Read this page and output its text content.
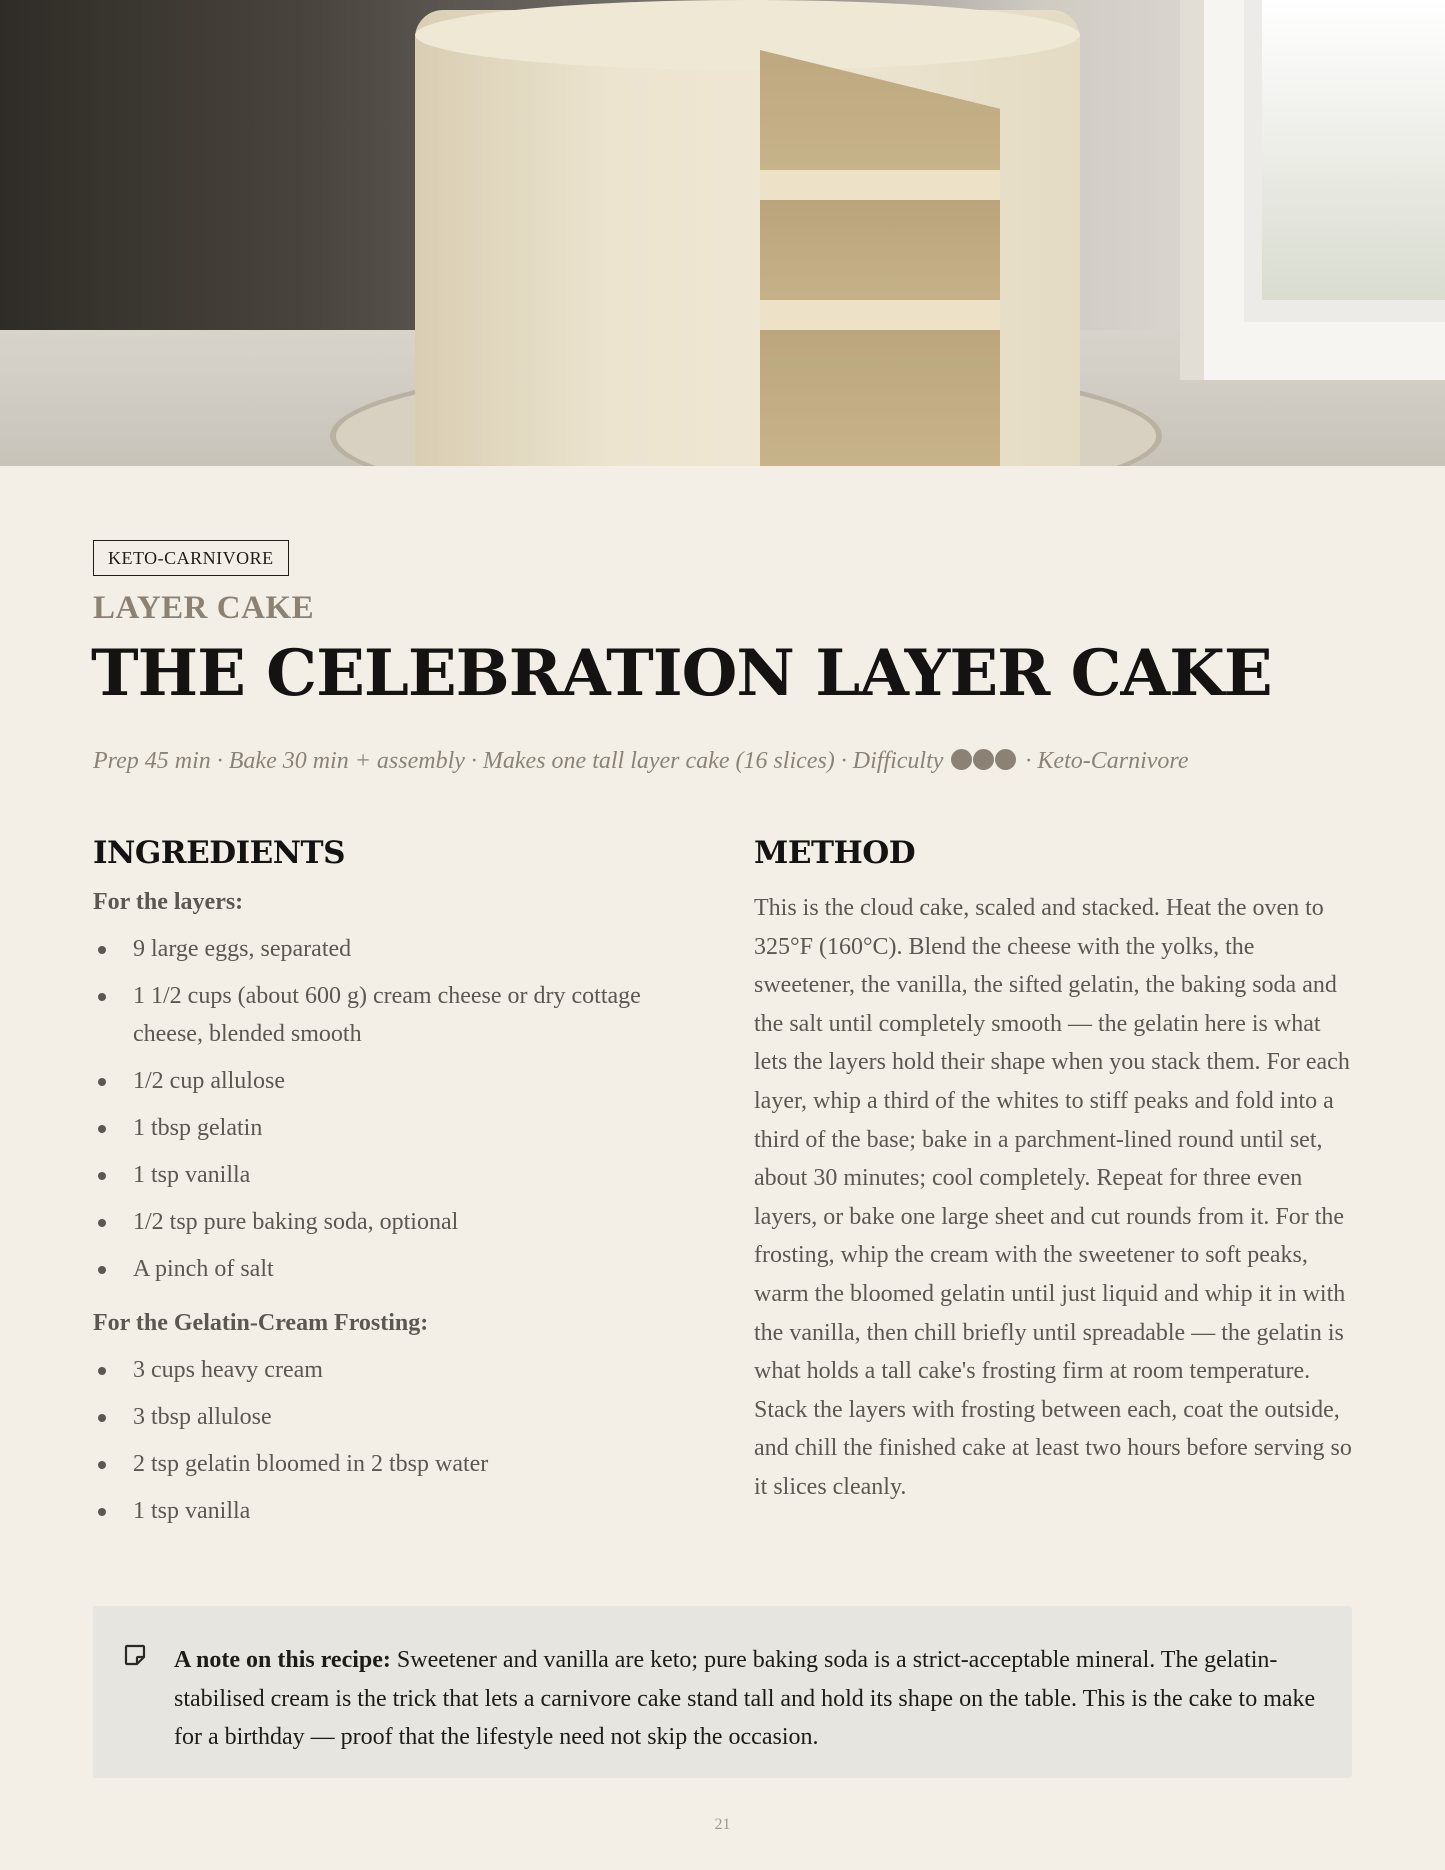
KETO-CARNIVORE
LAYER CAKE
THE CELEBRATION LAYER CAKE
Prep 45 min · Bake 30 min + assembly · Makes one tall layer cake (16 slices) · Difficulty	· Keto-Carnivore
INGREDIENTS
For the layers:
9 large eggs, separated
1 1/2 cups (about 600 g) cream cheese or dry cottage cheese, blended smooth
1/2 cup allulose
1 tbsp gelatin
1 tsp vanilla
1/2 tsp pure baking soda, optional
A pinch of salt
For the Gelatin-Cream Frosting:
3 cups heavy cream
3 tbsp allulose
2 tsp gelatin bloomed in 2 tbsp water
1 tsp vanilla
METHOD

This is the cloud cake, scaled and stacked. Heat the oven to 325°F (160°C). Blend the cheese with the yolks, the sweetener, the vanilla, the sifted gelatin, the baking soda and the salt until completely smooth — the gelatin here is what lets the layers hold their shape when you stack them. For each layer, whip a third of the whites to stiff peaks and fold into a third of the base; bake in a parchment-lined round until set, about 30 minutes; cool completely. Repeat for three even layers, or bake one large sheet and cut rounds from it. For the frosting, whip the cream with the sweetener to soft peaks, warm the bloomed gelatin until just liquid and whip it in with the vanilla, then chill briefly until spreadable — the gelatin is what holds a tall cake's frosting firm at room temperature. Stack the layers with frosting between each, coat the outside, and chill the finished cake at least two hours before serving so it slices cleanly.

A note on this recipe: Sweetener and vanilla are keto; pure baking soda is a strict-acceptable mineral. The gelatin-stabilised cream is the trick that lets a carnivore cake stand tall and hold its shape on the table. This is the cake to make for a birthday — proof that the lifestyle need not skip the occasion.
21
